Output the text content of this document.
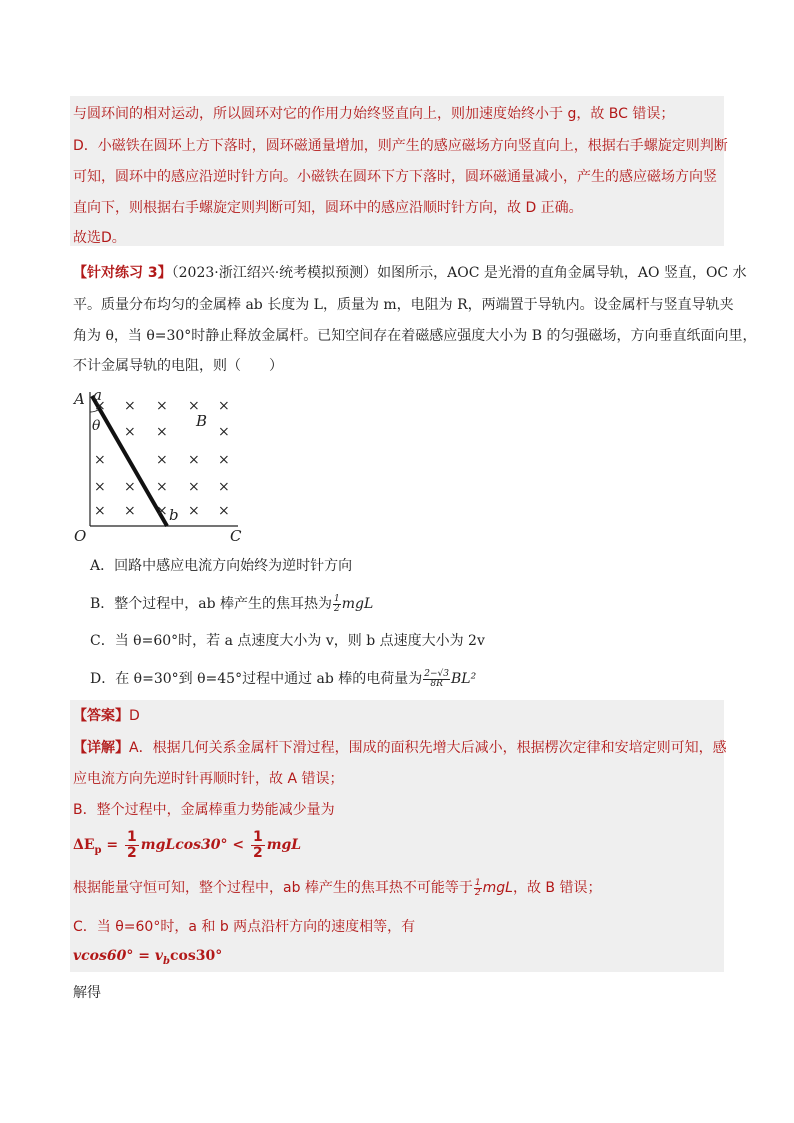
与圆环间的相对运动，所以圆环对它的作用力始终竖直向上，则加速度始终小于 g，故 BC 错误；
D．小磁铁在圆环上方下落时，圆环磁通量增加，则产生的感应磁场方向竖直向上，根据右手螺旋定则判断
可知，圆环中的感应沿逆时针方向。小磁铁在圆环下方下落时，圆环磁通量减小，产生的感应磁场方向竖
直向下，则根据右手螺旋定则判断可知，圆环中的感应沿顺时针方向，故 D 正确。
故选D。
【针对练习 3】（2023·浙江绍兴·统考模拟预测）如图所示，AOC 是光滑的直角金属导轨，AO 竖直，OC 水
平。质量分布均匀的金属棒 ab 长度为 L，质量为 m，电阻为 R，两端置于导轨内。设金属杆与竖直导轨夹
角为 θ，当 θ=30°时静止释放金属杆。已知空间存在着磁感应强度大小为 B 的匀强磁场，方向垂直纸面向里，
不计金属导轨的电阻，则（　　）
× × × × ×
× ×	×
×	× × ×
× × × × ×
× × × × ×
A a
θ	B
b
O	C
A．回路中感应电流方向始终为逆时针方向
B．整个过程中，ab 棒产生的焦耳热为 $\frac{1}{2}$ mgL
C．当 θ=60°时，若 a 点速度大小为 v，则 b 点速度大小为 2v
D．在 θ=30°到 θ=45°过程中通过 ab 棒的电荷量为 $\frac{2-√3}{8R} BL^2$
【答案】D
【详解】A．根据几何关系金属杆下滑过程，围成的面积先增大后减小，根据楞次定律和安培定则可知，感
应电流方向先逆时针再顺时针，故 A 错误；
B．整个过程中，金属棒重力势能减少量为
$\Delta E_p = \frac{1}{2} mgLcos30^\circ < \frac{1}{2}$ mgL
根据能量守恒可知，整个过程中，ab 棒产生的焦耳热不可能等于 $\frac{1}{2}$ mgL，故 B 错误；
C．当 θ=60°时，a 和 b 两点沿杆方向的速度相等，有
$vcos60^\circ = v_b\cos 30^\circ$
解得
